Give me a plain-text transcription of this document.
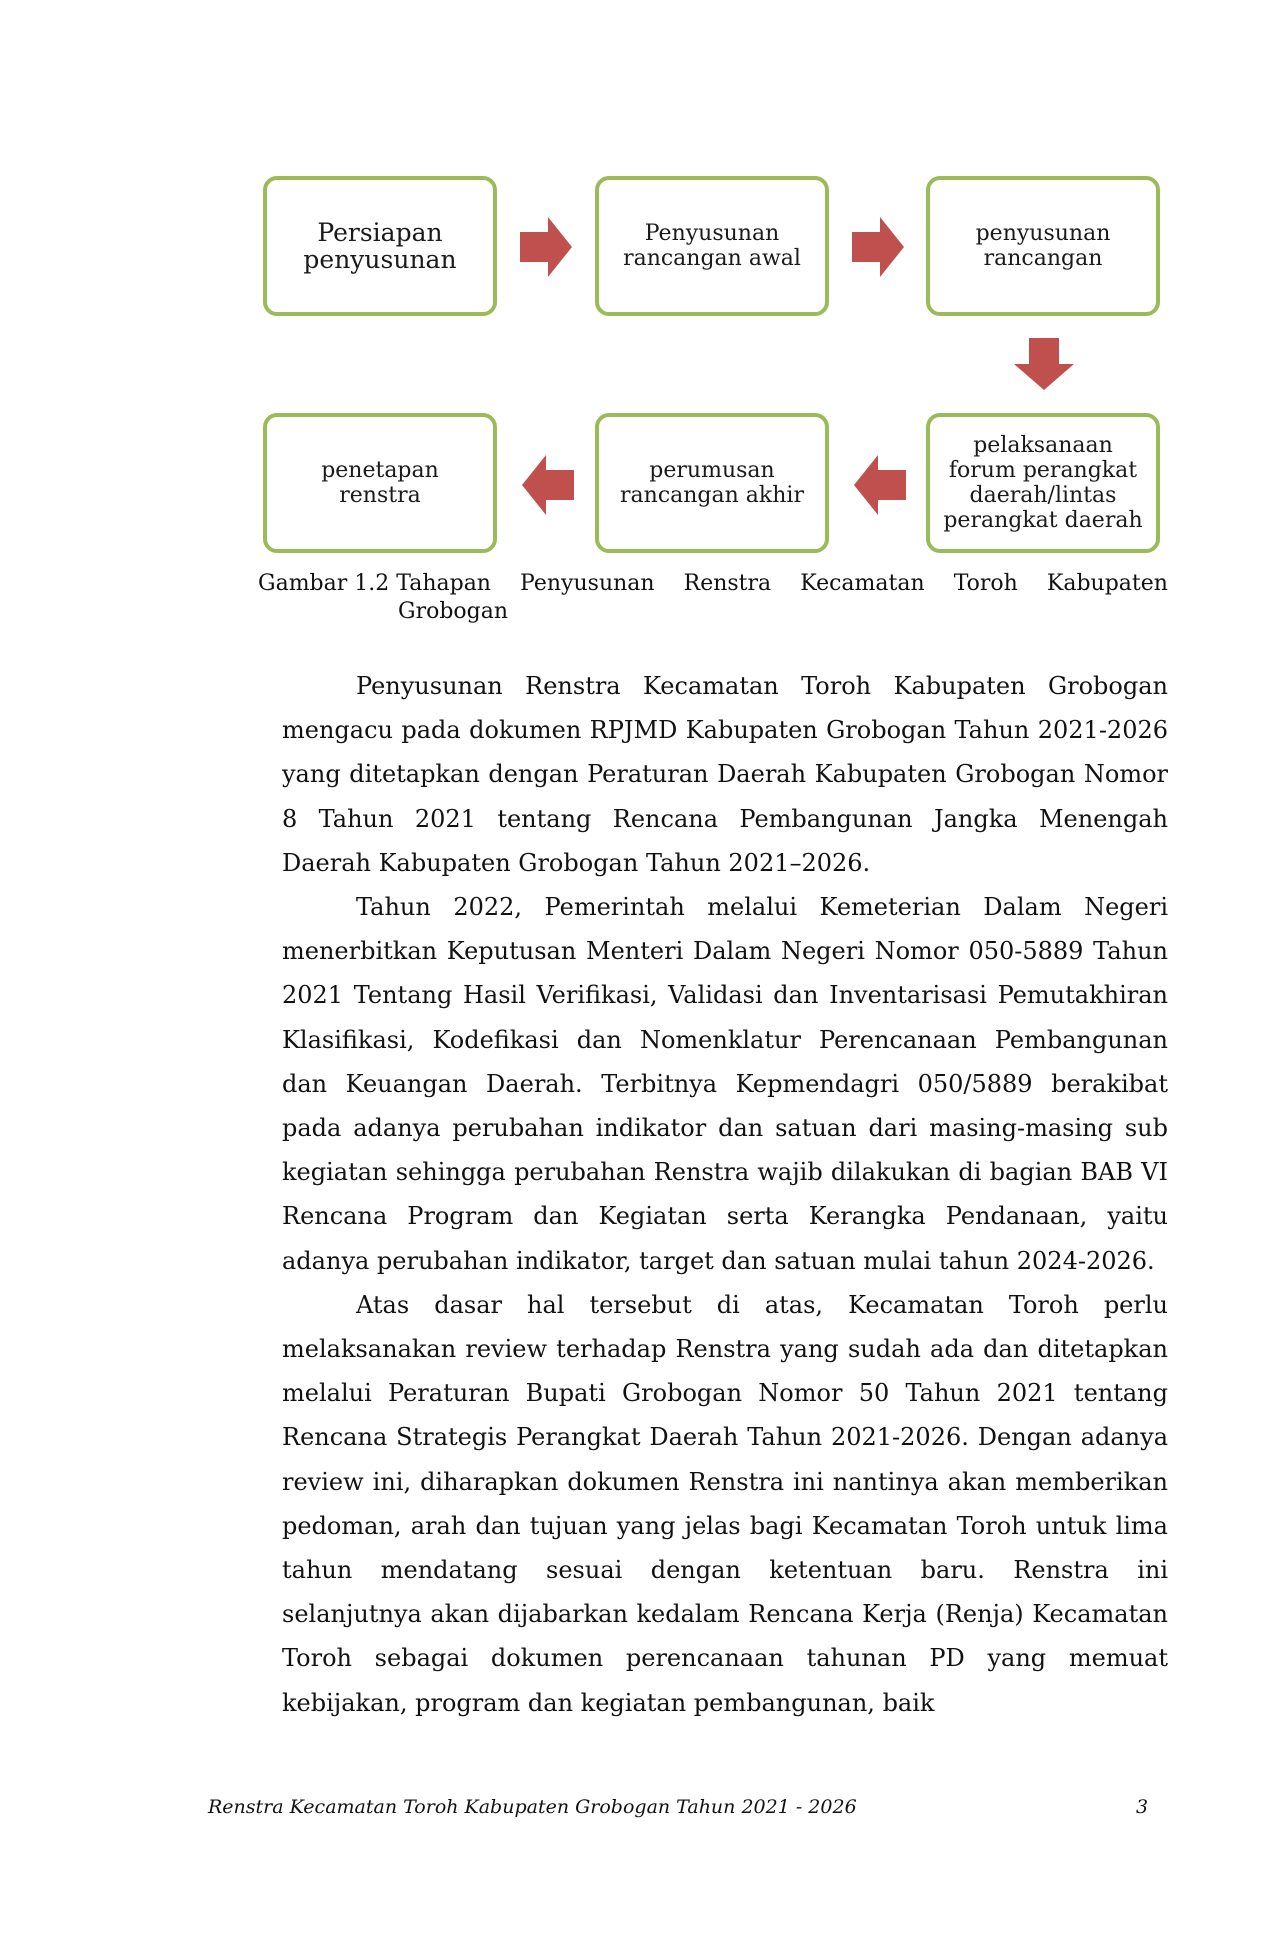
Persiapan penyusunan
Penyusunan rancangan awal
penyusunan rancangan
pelaksanaan forum perangkat daerah/lintas perangkat daerah
perumusan rancangan akhir
penetapan renstra
Gambar 1.2 Tahapan Penyusunan Renstra Kecamatan Toroh Kabupaten
Grobogan

Penyusunan Renstra Kecamatan Toroh Kabupaten Grobogan mengacu pada dokumen RPJMD Kabupaten Grobogan Tahun 2021-2026 yang ditetapkan dengan Peraturan Daerah Kabupaten Grobogan Nomor 8 Tahun 2021 tentang Rencana Pembangunan Jangka Menengah Daerah Kabupaten Grobogan Tahun 2021–2026.

Tahun 2022, Pemerintah melalui Kemeterian Dalam Negeri menerbitkan Keputusan Menteri Dalam Negeri Nomor 050-5889 Tahun 2021 Tentang Hasil Verifikasi, Validasi dan Inventarisasi Pemutakhiran Klasifikasi, Kodefikasi dan Nomenklatur Perencanaan Pembangunan dan Keuangan Daerah. Terbitnya Kepmendagri 050/5889 berakibat pada adanya perubahan indikator dan satuan dari masing-masing sub kegiatan sehingga perubahan Renstra wajib dilakukan di bagian BAB VI Rencana Program dan Kegiatan serta Kerangka Pendanaan, yaitu adanya perubahan indikator, target dan satuan mulai tahun 2024-2026.

Atas dasar hal tersebut di atas, Kecamatan Toroh perlu melaksanakan review terhadap Renstra yang sudah ada dan ditetapkan melalui Peraturan Bupati Grobogan Nomor 50 Tahun 2021 tentang Rencana Strategis Perangkat Daerah Tahun 2021-2026. Dengan adanya review ini, diharapkan dokumen Renstra ini nantinya akan memberikan pedoman, arah dan tujuan yang jelas bagi Kecamatan Toroh untuk lima tahun mendatang sesuai dengan ketentuan baru. Renstra ini selanjutnya akan dijabarkan kedalam Rencana Kerja (Renja) Kecamatan Toroh sebagai dokumen perencanaan tahunan PD yang memuat kebijakan, program dan kegiatan pembangunan, baik

Renstra Kecamatan Toroh Kabupaten Grobogan Tahun 2021 - 2026	3
